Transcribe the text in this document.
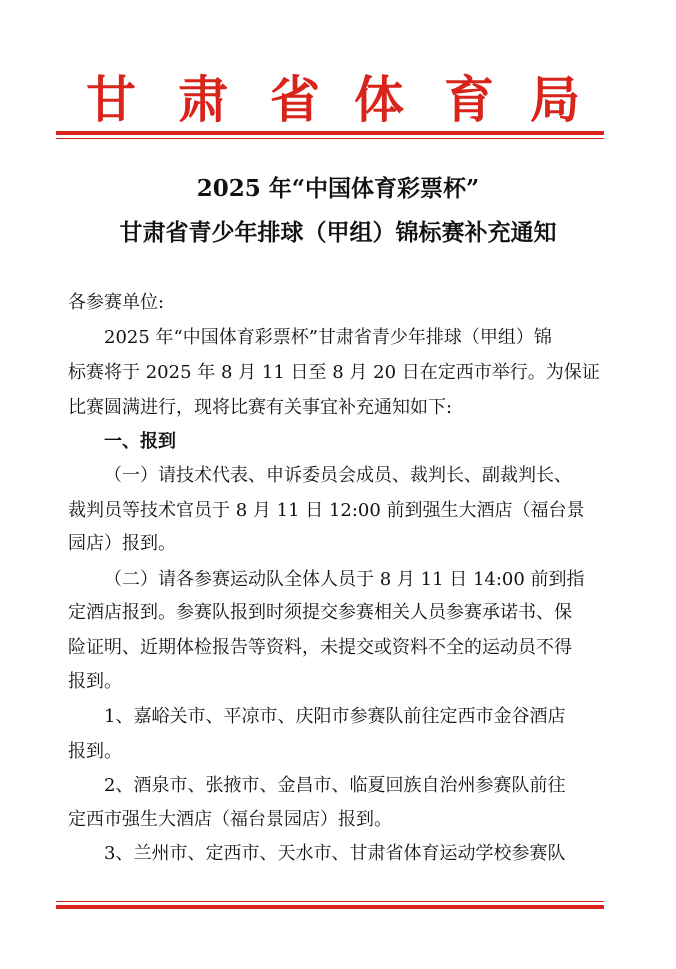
甘 肃 省 体 育 局
2025 年“中国体育彩票杯”
甘肃省青少年排球（甲组）锦标赛补充通知
各参赛单位:
2025 年“中国体育彩票杯”甘肃省青少年排球（甲组）锦
标赛将于 2025 年 8 月 11 日至 8 月 20 日在定西市举行。为保证
比赛圆满进行，现将比赛有关事宜补充通知如下:
一、报到
（一）请技术代表、申诉委员会成员、裁判长、副裁判长、
裁判员等技术官员于 8 月 11 日 12:00 前到强生大酒店（福台景
园店）报到。
（二）请各参赛运动队全体人员于 8 月 11 日 14:00 前到指
定酒店报到。参赛队报到时须提交参赛相关人员参赛承诺书、保
险证明、近期体检报告等资料，未提交或资料不全的运动员不得
报到。
1、嘉峪关市、平凉市、庆阳市参赛队前往定西市金谷酒店
报到。
2、酒泉市、张掖市、金昌市、临夏回族自治州参赛队前往
定西市强生大酒店（福台景园店）报到。
3、兰州市、定西市、天水市、甘肃省体育运动学校参赛队
